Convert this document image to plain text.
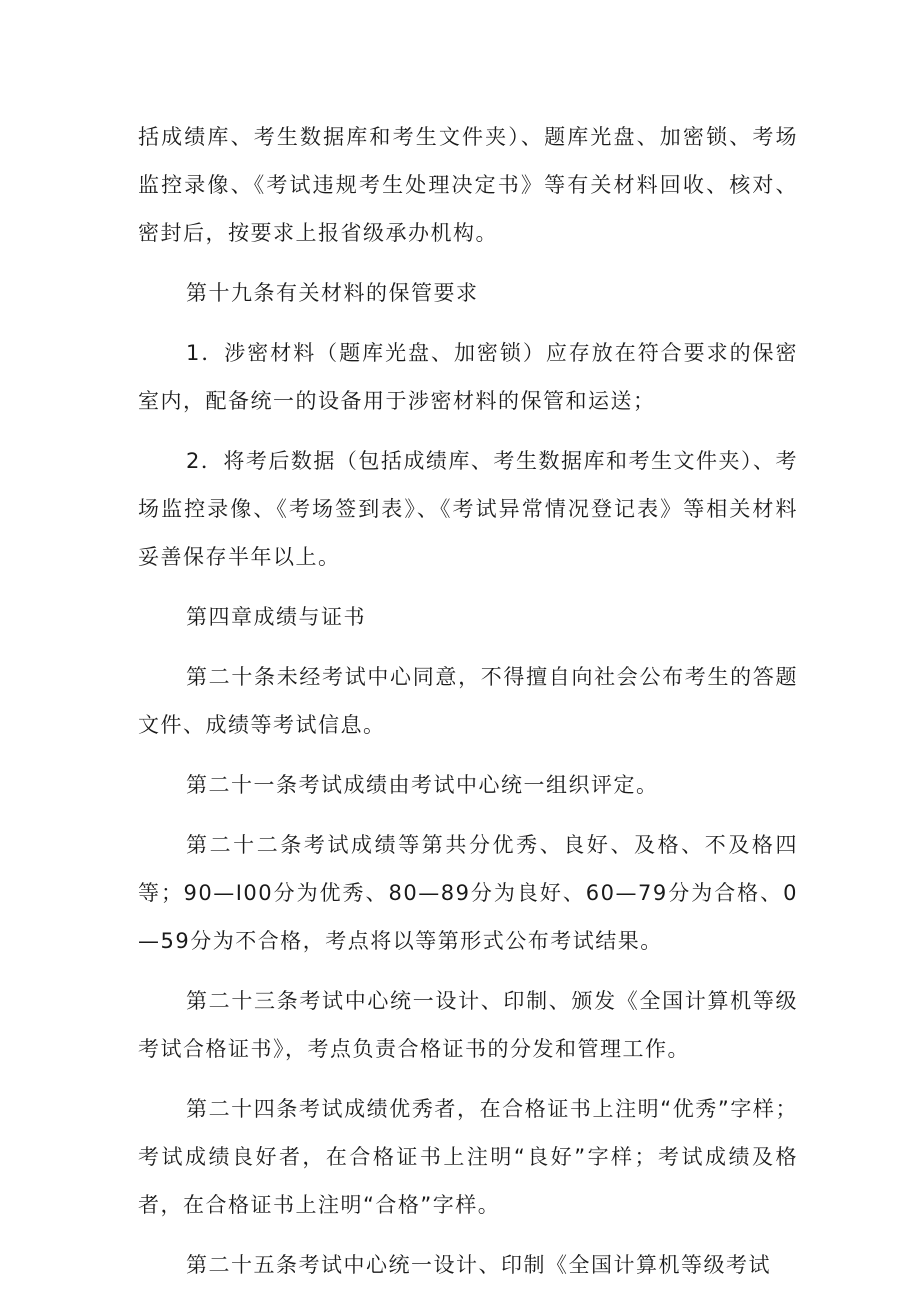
括成绩库、考生数据库和考生文件夹）、题库光盘、加密锁、考场监控录像、《考试违规考生处理决定书》等有关材料回收、核对、密封后，按要求上报省级承办机构。

第十九条有关材料的保管要求

1．涉密材料（题库光盘、加密锁）应存放在符合要求的保密室内，配备统一的设备用于涉密材料的保管和运送；

2．将考后数据（包括成绩库、考生数据库和考生文件夹）、考场监控录像、《考场签到表》、《考试异常情况登记表》等相关材料妥善保存半年以上。

第四章成绩与证书

第二十条未经考试中心同意，不得擅自向社会公布考生的答题文件、成绩等考试信息。

第二十一条考试成绩由考试中心统一组织评定。

第二十二条考试成绩等第共分优秀、良好、及格、不及格四等；90—I00分为优秀、80—89分为良好、60—79分为合格、0—59分为不合格，考点将以等第形式公布考试结果。

第二十三条考试中心统一设计、印制、颁发《全国计算机等级考试合格证书》，考点负责合格证书的分发和管理工作。

第二十四条考试成绩优秀者，在合格证书上注明“优秀”字样；考试成绩良好者，在合格证书上注明“良好”字样；考试成绩及格者，在合格证书上注明“合格”字样。

第二十五条考试中心统一设计、印制《全国计算机等级考试
